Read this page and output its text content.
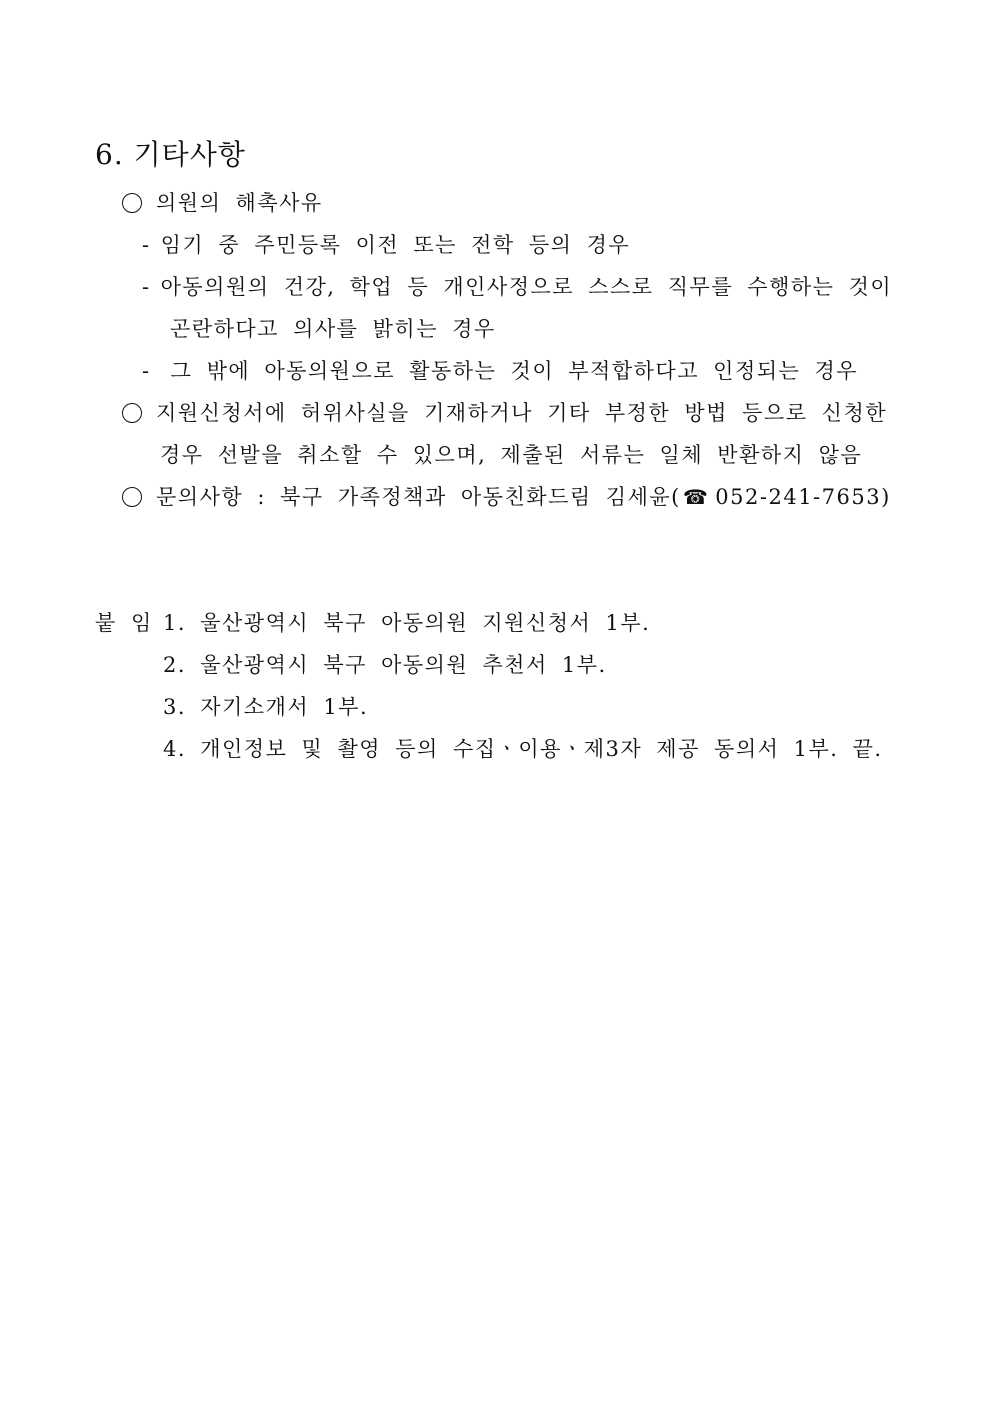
6. 기타사항
의원의 해촉사유
- 임기 중 주민등록 이전 또는 전학 등의 경우
- 아동의원의 건강, 학업 등 개인사정으로 스스로 직무를 수행하는 것이
곤란하다고 의사를 밝히는 경우
- 그 밖에 아동의원으로 활동하는 것이 부적합하다고 인정되는 경우
지원신청서에 허위사실을 기재하거나 기타 부정한 방법 등으로 신청한
경우 선발을 취소할 수 있으며, 제출된 서류는 일체 반환하지 않음
문의사항 : 북구 가족정책과 아동친화드림 김세윤( ☎ 052-241-7653)
붙 임 1. 울산광역시 북구 아동의원 지원신청서 1부.
2. 울산광역시 북구 아동의원 추천서 1부.
3. 자기소개서 1부.
4. 개인정보 및 촬영 등의 수집ㆍ이용ㆍ제3자 제공 동의서 1부. 끝.
